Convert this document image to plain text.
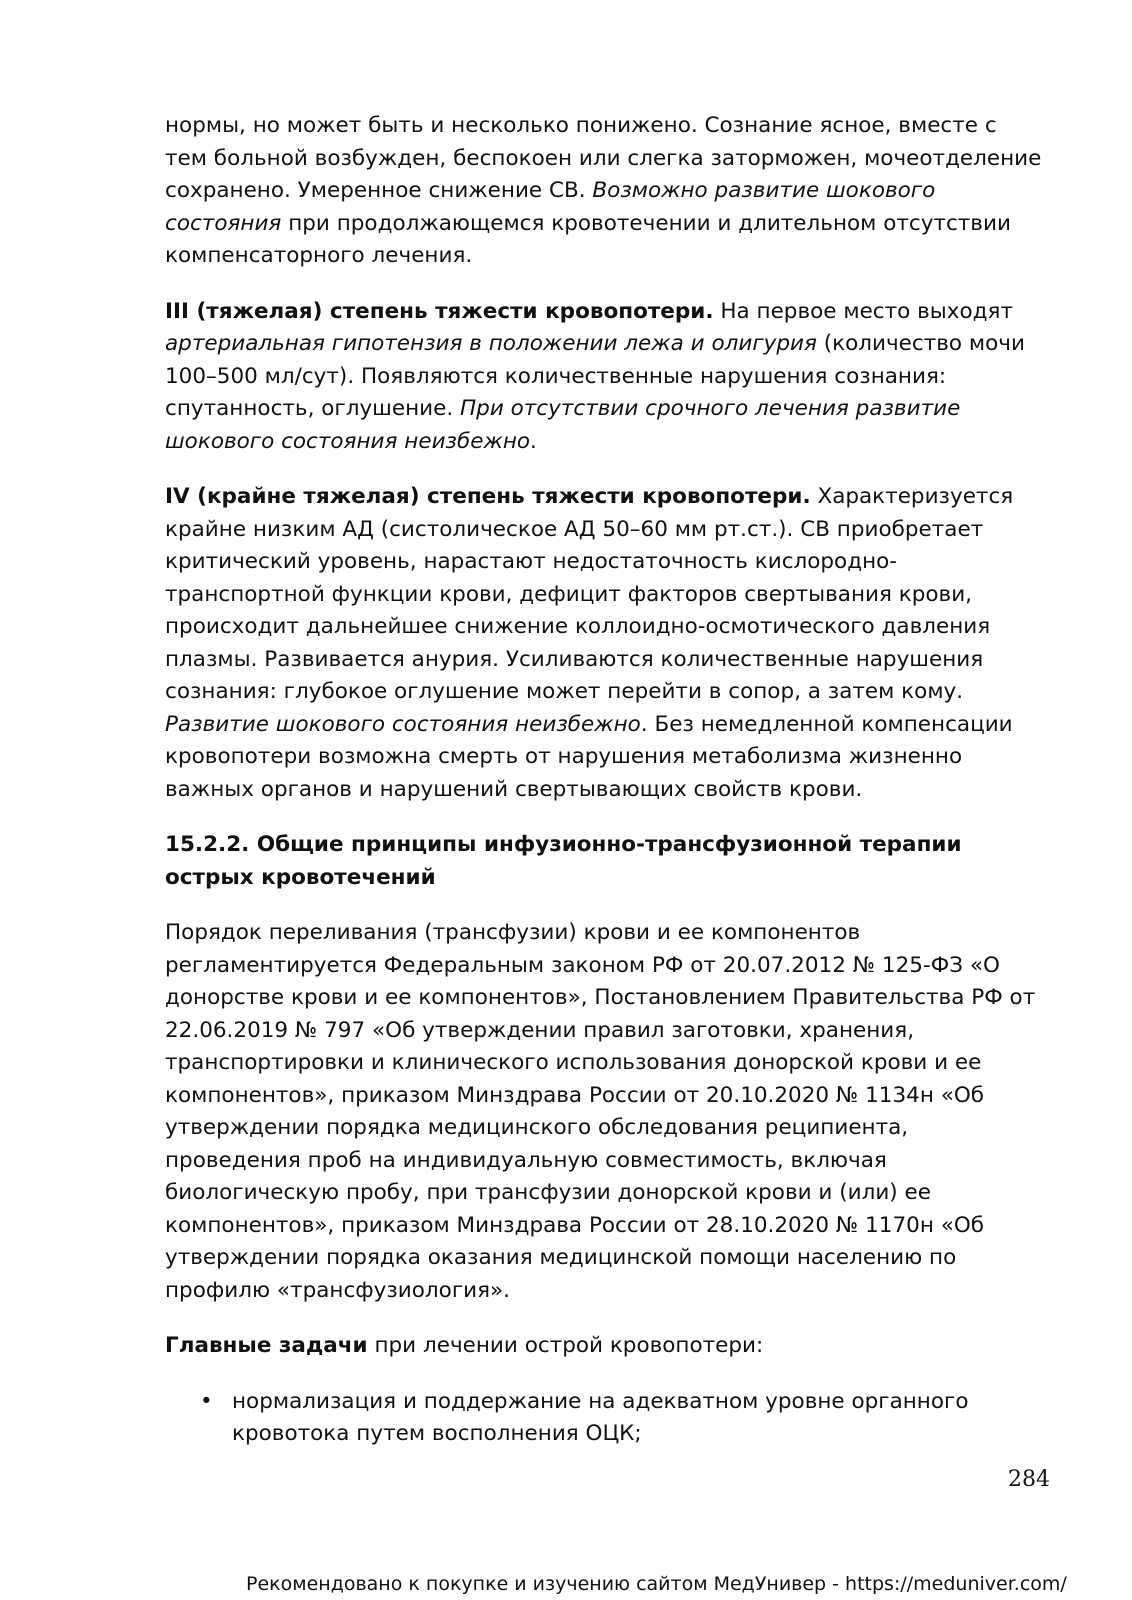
нормы, но может быть и несколько понижено. Сознание ясное, вместе с тем больной возбужден, беспокоен или слегка заторможен, мочеотделение сохранено. Умеренное снижение СВ. Возможно развитие шокового состояния при продолжающемся кровотечении и длительном отсутствии компенсаторного лечения.

III (тяжелая) степень тяжести кровопотери. На первое место выходят артериальная гипотензия в положении лежа и олигурия (количество мочи 100–500 мл/сут). Появляются количественные нарушения сознания: спутанность, оглушение. При отсутствии срочного лечения развитие шокового состояния неизбежно.

IV (крайне тяжелая) степень тяжести кровопотери. Характеризуется крайне низким АД (систолическое АД 50–60 мм рт.ст.). СВ приобретает критический уровень, нарастают недостаточность кислородно-транспортной функции крови, дефицит факторов свертывания крови, происходит дальнейшее снижение коллоидно-осмотического давления плазмы. Развивается анурия. Усиливаются количественные нарушения сознания: глубокое оглушение может перейти в сопор, а затем кому. Развитие шокового состояния неизбежно. Без немедленной компенсации кровопотери возможна смерть от нарушения метаболизма жизненно важных органов и нарушений свертывающих свойств крови.

15.2.2. Общие принципы инфузионно-трансфузионной терапии острых кровотечений

Порядок переливания (трансфузии) крови и ее компонентов регламентируется Федеральным законом РФ от 20.07.2012 № 125-ФЗ «О донорстве крови и ее компонентов», Постановлением Правительства РФ от 22.06.2019 № 797 «Об утверждении правил заготовки, хранения, транспортировки и клинического использования донорской крови и ее компонентов», приказом Минздрава России от 20.10.2020 № 1134н «Об утверждении порядка медицинского обследования реципиента, проведения проб на индивидуальную совместимость, включая биологическую пробу, при трансфузии донорской крови и (или) ее компонентов», приказом Минздрава России от 28.10.2020 № 1170н «Об утверждении порядка оказания медицинской помощи населению по профилю «трансфузиология».

Главные задачи при лечении острой кровопотери:

• нормализация и поддержание на адекватном уровне органного кровотока путем восполнения ОЦК;
284
Рекомендовано к покупке и изучению сайтом МедУнивер - https://meduniver.com/
